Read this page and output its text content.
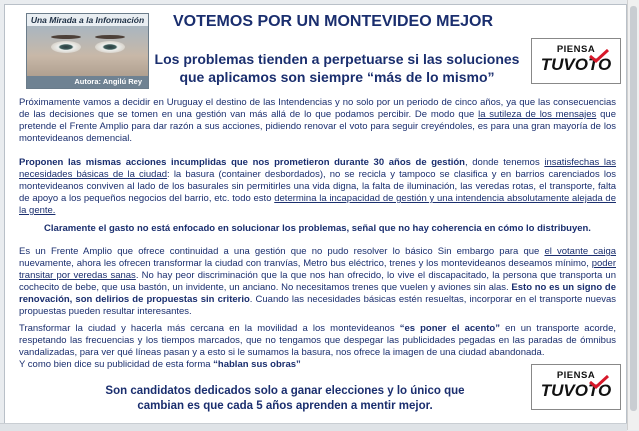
Una Mirada a la Información
Autora: Angilú Rey
VOTEMOS POR UN MONTEVIDEO MEJOR

Los problemas tienden a perpetuarse si las soluciones que aplicamos son siempre “más de lo mismo”

PIENSA
TUVOTO

Próximamente vamos a decidir en Uruguay el destino de las Intendencias y no solo por un periodo de cinco años, ya que las consecuencias de las decisiones que se tomen en una gestión van más allá de lo que podamos percibir. De modo que la sutileza de los mensajes que pretende el Frente Amplio para dar razón a sus acciones, pidiendo renovar el voto para seguir creyéndoles, es para una gran mayoría de los montevideanos demencial.

Proponen las mismas acciones incumplidas que nos prometieron durante 30 años de gestión, donde tenemos insatisfechas las necesidades básicas de la ciudad: la basura (container desbordados), no se recicla y tampoco se clasifica y en barrios carenciados los montevideanos conviven al lado de los basurales sin permitirles una vida digna, la falta de iluminación, las veredas rotas, el transporte, falta de apoyo a los pequeños negocios del barrio, etc. todo esto determina la incapacidad de gestión y una intendencia absolutamente alejada de la gente.

Claramente el gasto no está enfocado en solucionar los problemas, señal que no hay coherencia en cómo lo distribuyen.

Es un Frente Amplio que ofrece continuidad a una gestión que no pudo resolver lo básico Sin embargo para que el votante caiga nuevamente, ahora les ofrecen transformar la ciudad con tranvías, Metro bus eléctrico, trenes y los montevideanos deseamos mínimo, poder transitar por veredas sanas. No hay peor discriminación que la que nos han ofrecido, lo vive el discapacitado, la persona que transporta un cochecito de bebe, que usa bastón, un invidente, un anciano. No necesitamos trenes que vuelen y aviones sin alas. Esto no es un signo de renovación, son delirios de propuestas sin criterio. Cuando las necesidades básicas estén resueltas, incorporar en el transporte nuevas propuestas pueden resultar interesantes.

Transformar la ciudad y hacerla más cercana en la movilidad a los montevideanos “es poner el acento” en un transporte acorde, respetando las frecuencias y los tiempos marcados, que no tengamos que despegar las publicidades pegadas en las paradas de ómnibus vandalizadas, para ver qué líneas pasan y a esto si le sumamos la basura, nos ofrece la imagen de una ciudad abandonada.
Y como bien dice su publicidad de esta forma “hablan sus obras”

Son candidatos dedicados solo a ganar elecciones y lo único que cambian es que cada 5 años aprenden a mentir mejor.

PIENSA
TUVOTO
